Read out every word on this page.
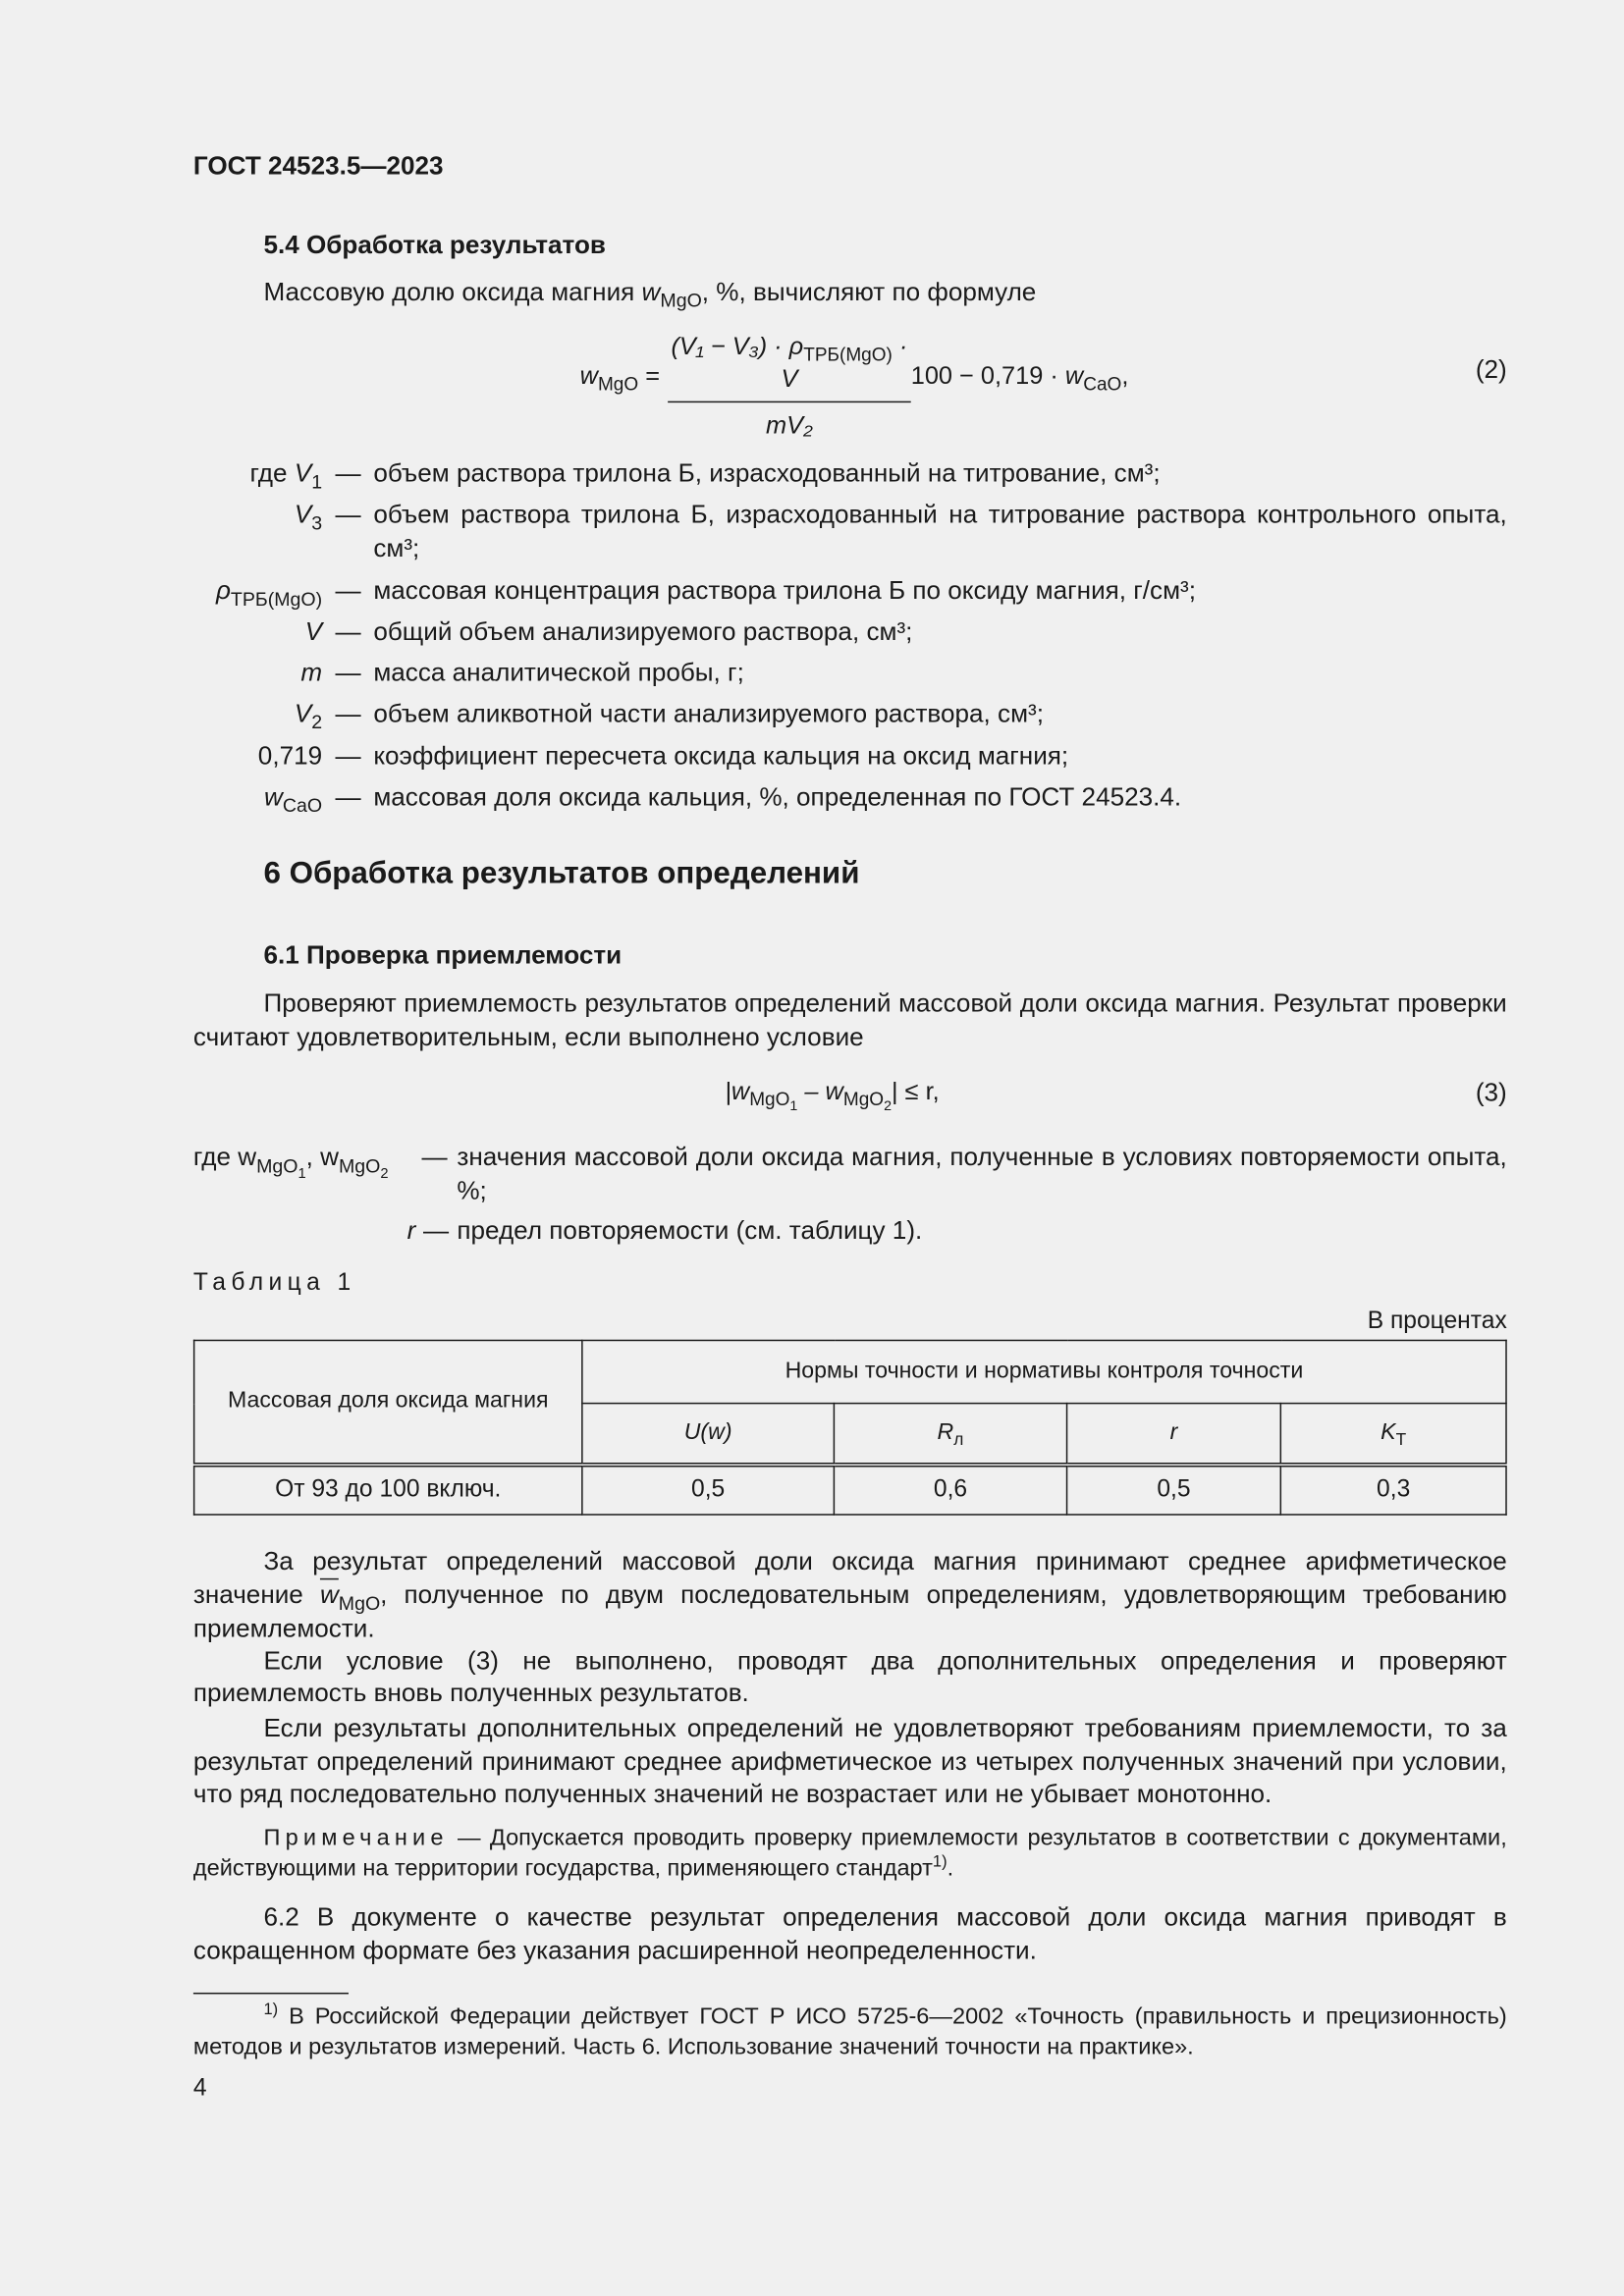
ГОСТ 24523.5—2023
5.4 Обработка результатов
Массовую долю оксида магния $w_{MgO}$, %, вычисляют по формуле
$w_{MgO}$ =
$(V_1 - V_3) \cdot \rho_{ТРБ(MgO)} \cdot V$
mV₂
$100 - 0,719 \cdot w_{CaO}$,	(2)
где $V_1$ — объем раствора трилона Б, израсходованный на титрование, см³;
$V_3$ — объем раствора трилона Б, израсходованный на титрование раствора контрольного опыта, см³;
$\rho_{ТРБ(MgO)}$ — массовая концентрация раствора трилона Б по оксиду магния, г/см³;
V — общий объем анализируемого раствора, см³;
m — масса аналитической пробы, г;
$V_2$ — объем аликвотной части анализируемого раствора, см³;
0,719 — коэффициент пересчета оксида кальция на оксид магния;
$w_{CaO}$ — массовая доля оксида кальция, %, определенная по ГОСТ 24523.4.
6 Обработка результатов определений
6.1 Проверка приемлемости
Проверяют приемлемость результатов определений массовой доли оксида магния. Результат проверки считают удовлетворительным, если выполнено условие
$|w_{MgO_1} - w_{MgO_2}| \le r$,	(3)
где $w_{MgO_1}$, $w_{MgO_2}$
— значения массовой доли оксида магния, полученные в условиях повторяемости опыта, %;
r — предел повторяемости (см. таблицу 1).
Таблица 1
В процентах
Массовая доля оксида магния	Нормы точности и нормативы контроля точности			
	U(w)	$R_л$	r	$K_Т$
От 93 до 100 включ.	0,5	0,6	0,5	0,3
За результат определений массовой доли оксида магния принимают среднее арифметическое значение $\overline{w}_{MgO}$, полученное по двум последовательным определениям, удовлетворяющим требованию приемлемости.
Если условие (3) не выполнено, проводят два дополнительных определения и проверяют приемлемость вновь полученных результатов.
Если результаты дополнительных определений не удовлетворяют требованиям приемлемости, то за результат определений принимают среднее арифметическое из четырех полученных значений при условии, что ряд последовательно полученных значений не возрастает или не убывает монотонно.
Примечание — Допускается проводить проверку приемлемости результатов в соответствии с документами, действующими на территории государства, применяющего стандарт$^{1)}$.
6.2 В документе о качестве результат определения массовой доли оксида магния приводят в сокращенном формате без указания расширенной неопределенности.
$^{1)}$ В Российской Федерации действует ГОСТ Р ИСО 5725-6—2002 «Точность (правильность и прецизионность) методов и результатов измерений. Часть 6. Использование значений точности на практике».
4
